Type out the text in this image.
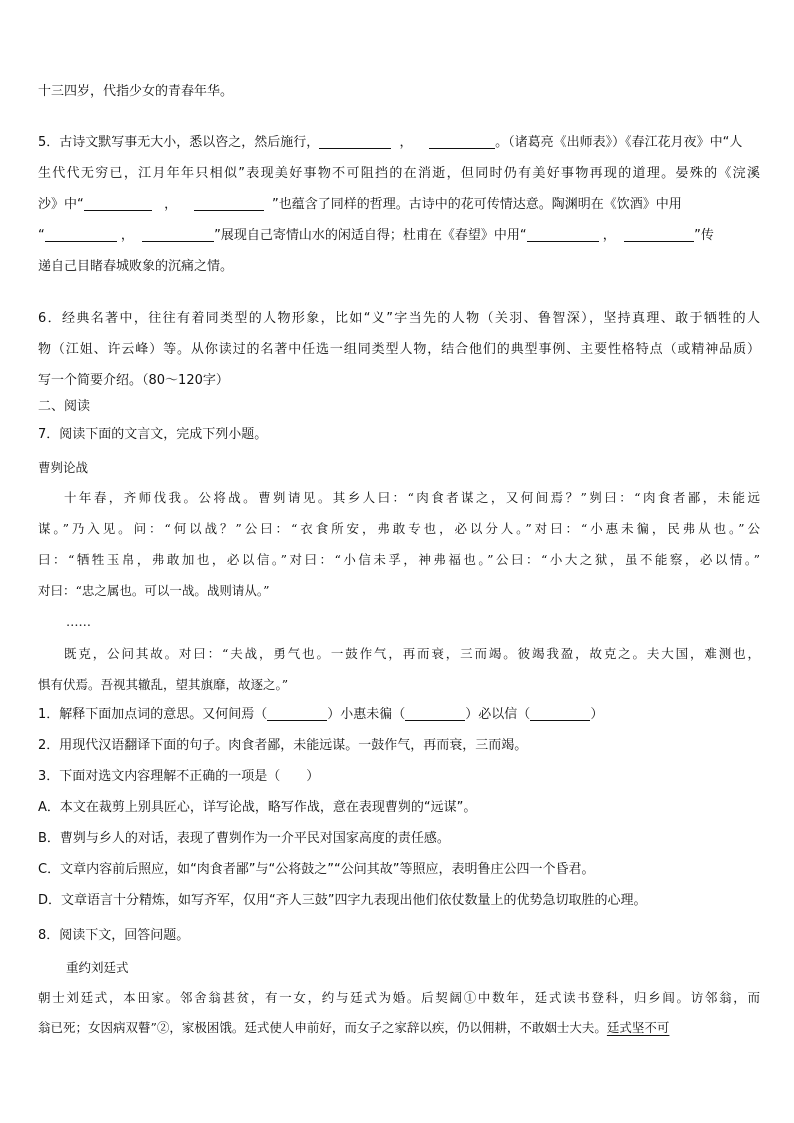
十三四岁，代指少女的青春年华。
5．古诗文默写事无大小，悉以咨之，然后施行，	，	。（诸葛亮《出师表》）《春江花月夜》中“人
生代代无穷已，江月年年只相似”表现美好事物不可阻挡的在消逝，但同时仍有美好事物再现的道理。晏殊的《浣溪
沙》中“	，	”也蕴含了同样的哲理。古诗中的花可传情达意。陶渊明在《饮酒》中用
“	，	”展现自己寄情山水的闲适自得；杜甫在《春望》中用“	，	”传
递自己目睹春城败象的沉痛之情。
6．经典名著中，往往有着同类型的人物形象，比如“义”字当先的人物（关羽、鲁智深），坚持真理、敢于牺牲的人
物（江姐、许云峰）等。从你读过的名著中任选一组同类型人物，结合他们的典型事例、主要性格特点（或精神品质）
写一个简要介绍。（80～120字）
二、阅读
7．阅读下面的文言文，完成下列小题。
曹刿论战
十年春，齐师伐我。公将战。曹刿请见。其乡人曰：“肉食者谋之，又何间焉？”刿曰：“肉食者鄙，未能远
谋。”乃入见。问：“何以战？”公曰：“衣食所安，弗敢专也，必以分人。”对曰：“小惠未徧，民弗从也。”公
曰：“牺牲玉帛，弗敢加也，必以信。”对曰：“小信未孚，神弗福也。”公曰：“小大之狱，虽不能察，必以情。”
对曰：“忠之属也。可以一战。战则请从。”
……
既克，公问其故。对曰：“夫战，勇气也。一鼓作气，再而衰，三而竭。彼竭我盈，故克之。夫大国，难测也，
惧有伏焉。吾视其辙乱，望其旗靡，故逐之。”
1．解释下面加点词的意思。又何间焉（	）小惠未徧（	）必以信（	）
2．用现代汉语翻译下面的句子。肉食者鄙，未能远谋。一鼓作气，再而衰，三而竭。
3．下面对选文内容理解不正确的一项是（　　）
A．本文在裁剪上别具匠心，详写论战，略写作战，意在表现曹刿的“远谋”。
B．曹刿与乡人的对话，表现了曹刿作为一介平民对国家高度的责任感。
C．文章内容前后照应，如“肉食者鄙”与“公将鼓之”“公问其故”等照应，表明鲁庄公四一个昏君。
D．文章语言十分精炼，如写齐军，仅用“齐人三鼓”四字九表现出他们依仗数量上的优势急切取胜的心理。
8．阅读下文，回答问题。
重约刘廷式
朝士刘廷式，本田家。邻舍翁甚贫，有一女，约与廷式为婚。后契阔①中数年，廷式读书登科，归乡闾。访邻翁，而
翁已死；女因病双瞽”②，家极困饿。廷式使人申前好，而女子之家辞以疾，仍以佣耕，不敢姻士大夫。廷式坚不可
